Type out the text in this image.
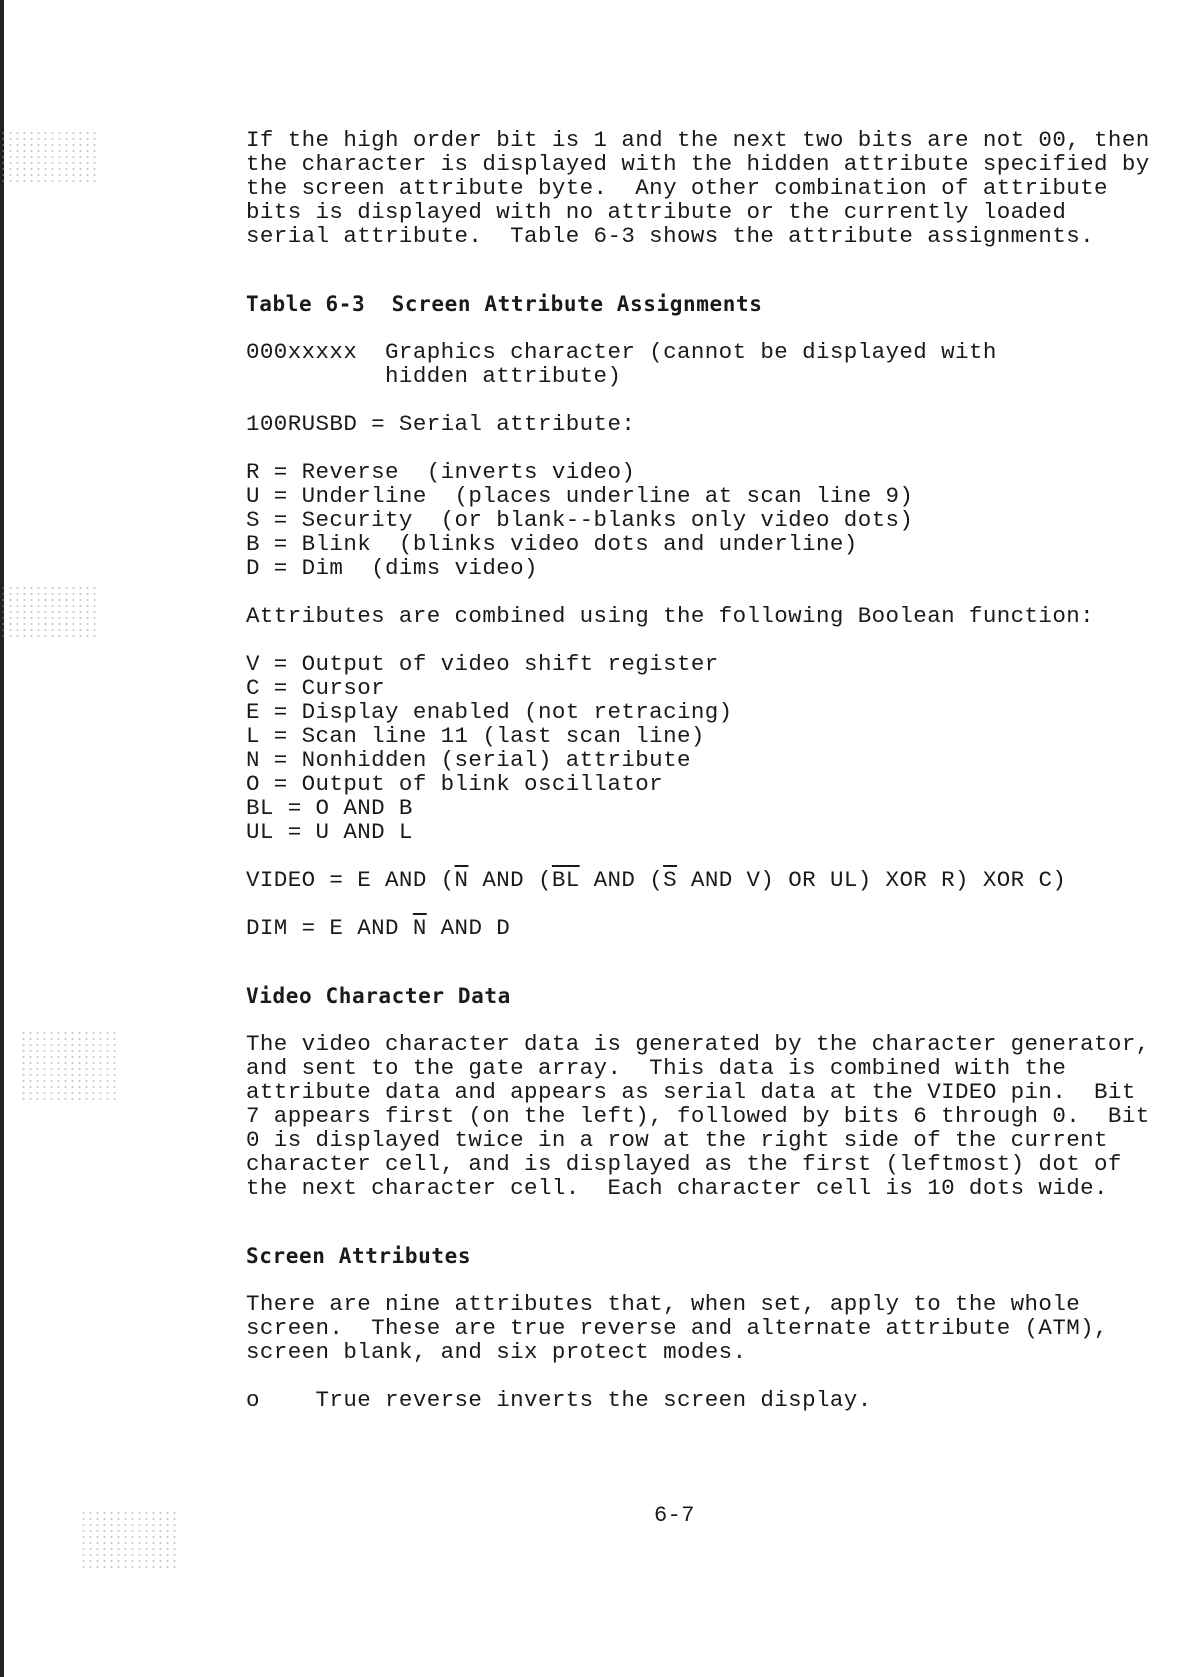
If the high order bit is 1 and the next two bits are not 00, then

the character is displayed with the hidden attribute specified by

the screen attribute byte.  Any other combination of attribute

bits is displayed with no attribute or the currently loaded

serial attribute.  Table 6-3 shows the attribute assignments.

Table 6-3  Screen Attribute Assignments

000xxxxx  Graphics character (cannot be displayed with

hidden attribute)

100RUSBD = Serial attribute:

R = Reverse  (inverts video)

U = Underline  (places underline at scan line 9)

S = Security  (or blank--blanks only video dots)

B = Blink  (blinks video dots and underline)

D = Dim  (dims video)

Attributes are combined using the following Boolean function:

V = Output of video shift register

C = Cursor

E = Display enabled (not retracing)

L = Scan line 11 (last scan line)

N = Nonhidden (serial) attribute

O = Output of blink oscillator

BL = O AND B

UL = U AND L

VIDEO = E AND ($\overline{N}$ AND ($\overline{BL}$ AND ($\overline{S}$ AND V) OR UL) XOR R) XOR C)

DIM = E AND $\overline{N}$ AND D

Video Character Data

The video character data is generated by the character generator,

and sent to the gate array.  This data is combined with the

attribute data and appears as serial data at the VIDEO pin.  Bit

7 appears first (on the left), followed by bits 6 through 0.  Bit

0 is displayed twice in a row at the right side of the current

character cell, and is displayed as the first (leftmost) dot of

the next character cell.  Each character cell is 10 dots wide.

Screen Attributes

There are nine attributes that, when set, apply to the whole

screen.  These are true reverse and alternate attribute (ATM),

screen blank, and six protect modes.

o    True reverse inverts the screen display.

6-7
